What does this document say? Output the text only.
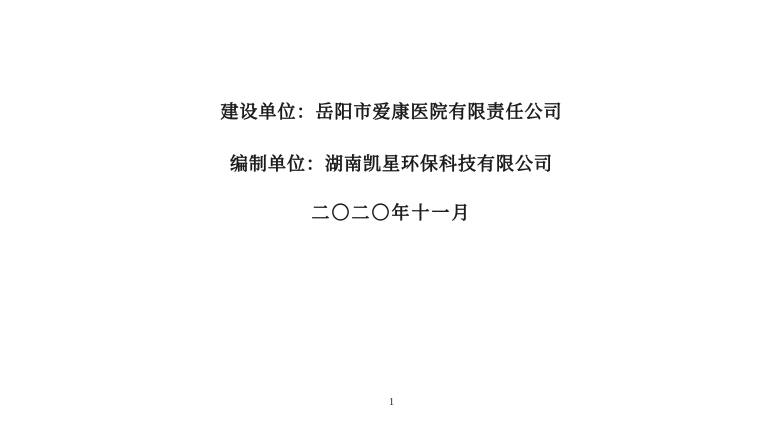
建设单位：岳阳市爱康医院有限责任公司

编制单位：湖南凯星环保科技有限公司

二〇二〇年十一月

1
